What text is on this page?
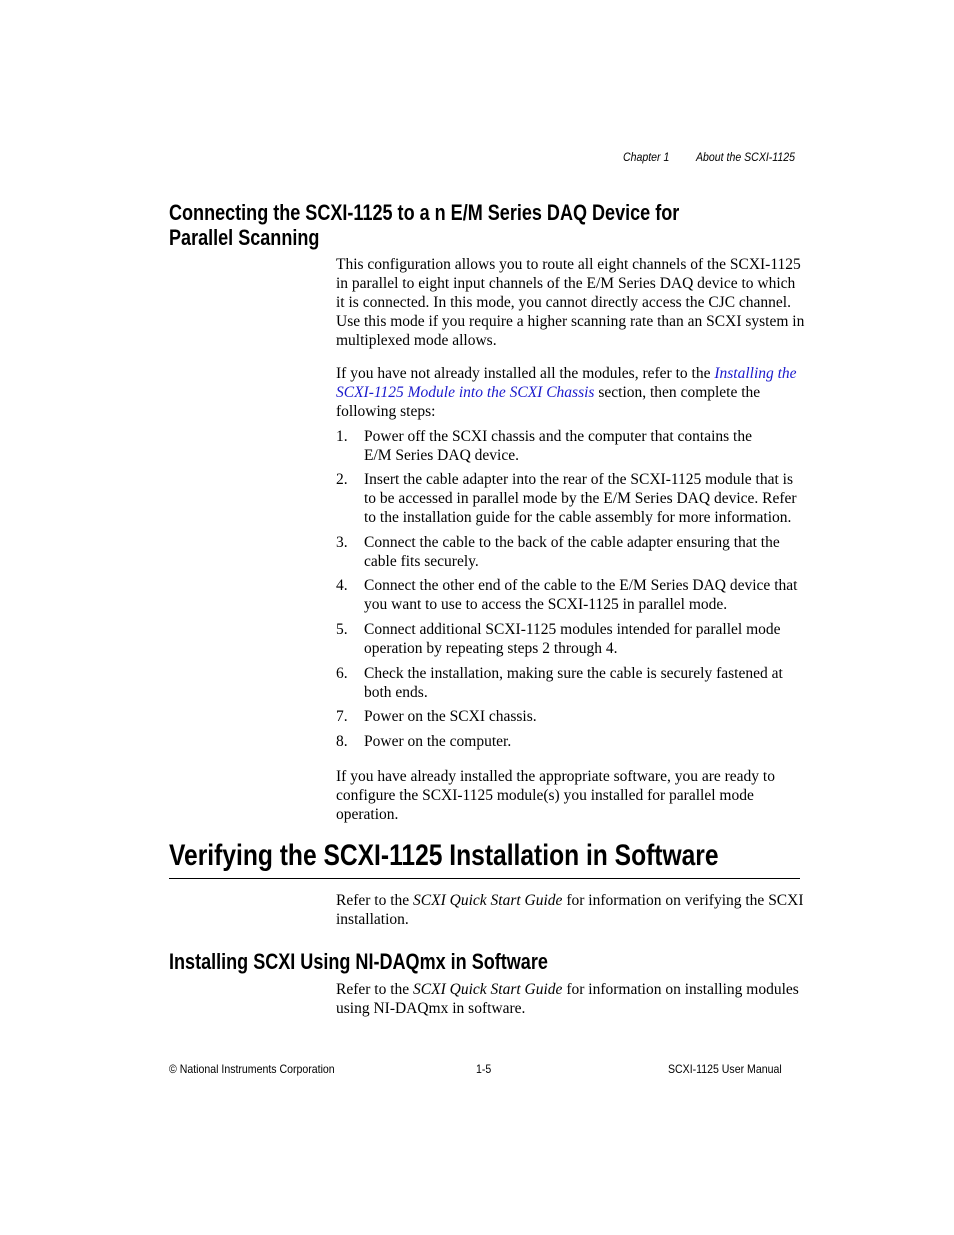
Chapter 1 About the SCXI-1125
Connecting the SCXI-1125 to a n E/M Series DAQ Device for
Parallel Scanning
This configuration allows you to route all eight channels of the SCXI-1125
in parallel to eight input channels of the E/M Series DAQ device to which
it is connected. In this mode, you cannot directly access the CJC channel.
Use this mode if you require a higher scanning rate than an SCXI system in
multiplexed mode allows.
If you have not already installed all the modules, refer to the Installing the
SCXI-1125 Module into the SCXI Chassis section, then complete the
following steps:
1. Power off the SCXI chassis and the computer that contains the
E/M Series DAQ device.
2. Insert the cable adapter into the rear of the SCXI-1125 module that is
to be accessed in parallel mode by the E/M Series DAQ device. Refer
to the installation guide for the cable assembly for more information.
3. Connect the cable to the back of the cable adapter ensuring that the
cable fits securely.
4. Connect the other end of the cable to the E/M Series DAQ device that
you want to use to access the SCXI-1125 in parallel mode.
5. Connect additional SCXI-1125 modules intended for parallel mode
operation by repeating steps 2 through 4.
6. Check the installation, making sure the cable is securely fastened at
both ends.
7. Power on the SCXI chassis.
8. Power on the computer.
If you have already installed the appropriate software, you are ready to
configure the SCXI-1125 module(s) you installed for parallel mode
operation.
Verifying the SCXI-1125 Installation in Software
Refer to the SCXI Quick Start Guide for information on verifying the SCXI
installation.
Installing SCXI Using NI-DAQmx in Software
Refer to the SCXI Quick Start Guide for information on installing modules
using NI-DAQmx in software.
© National Instruments Corporation	1-5	SCXI-1125 User Manual
